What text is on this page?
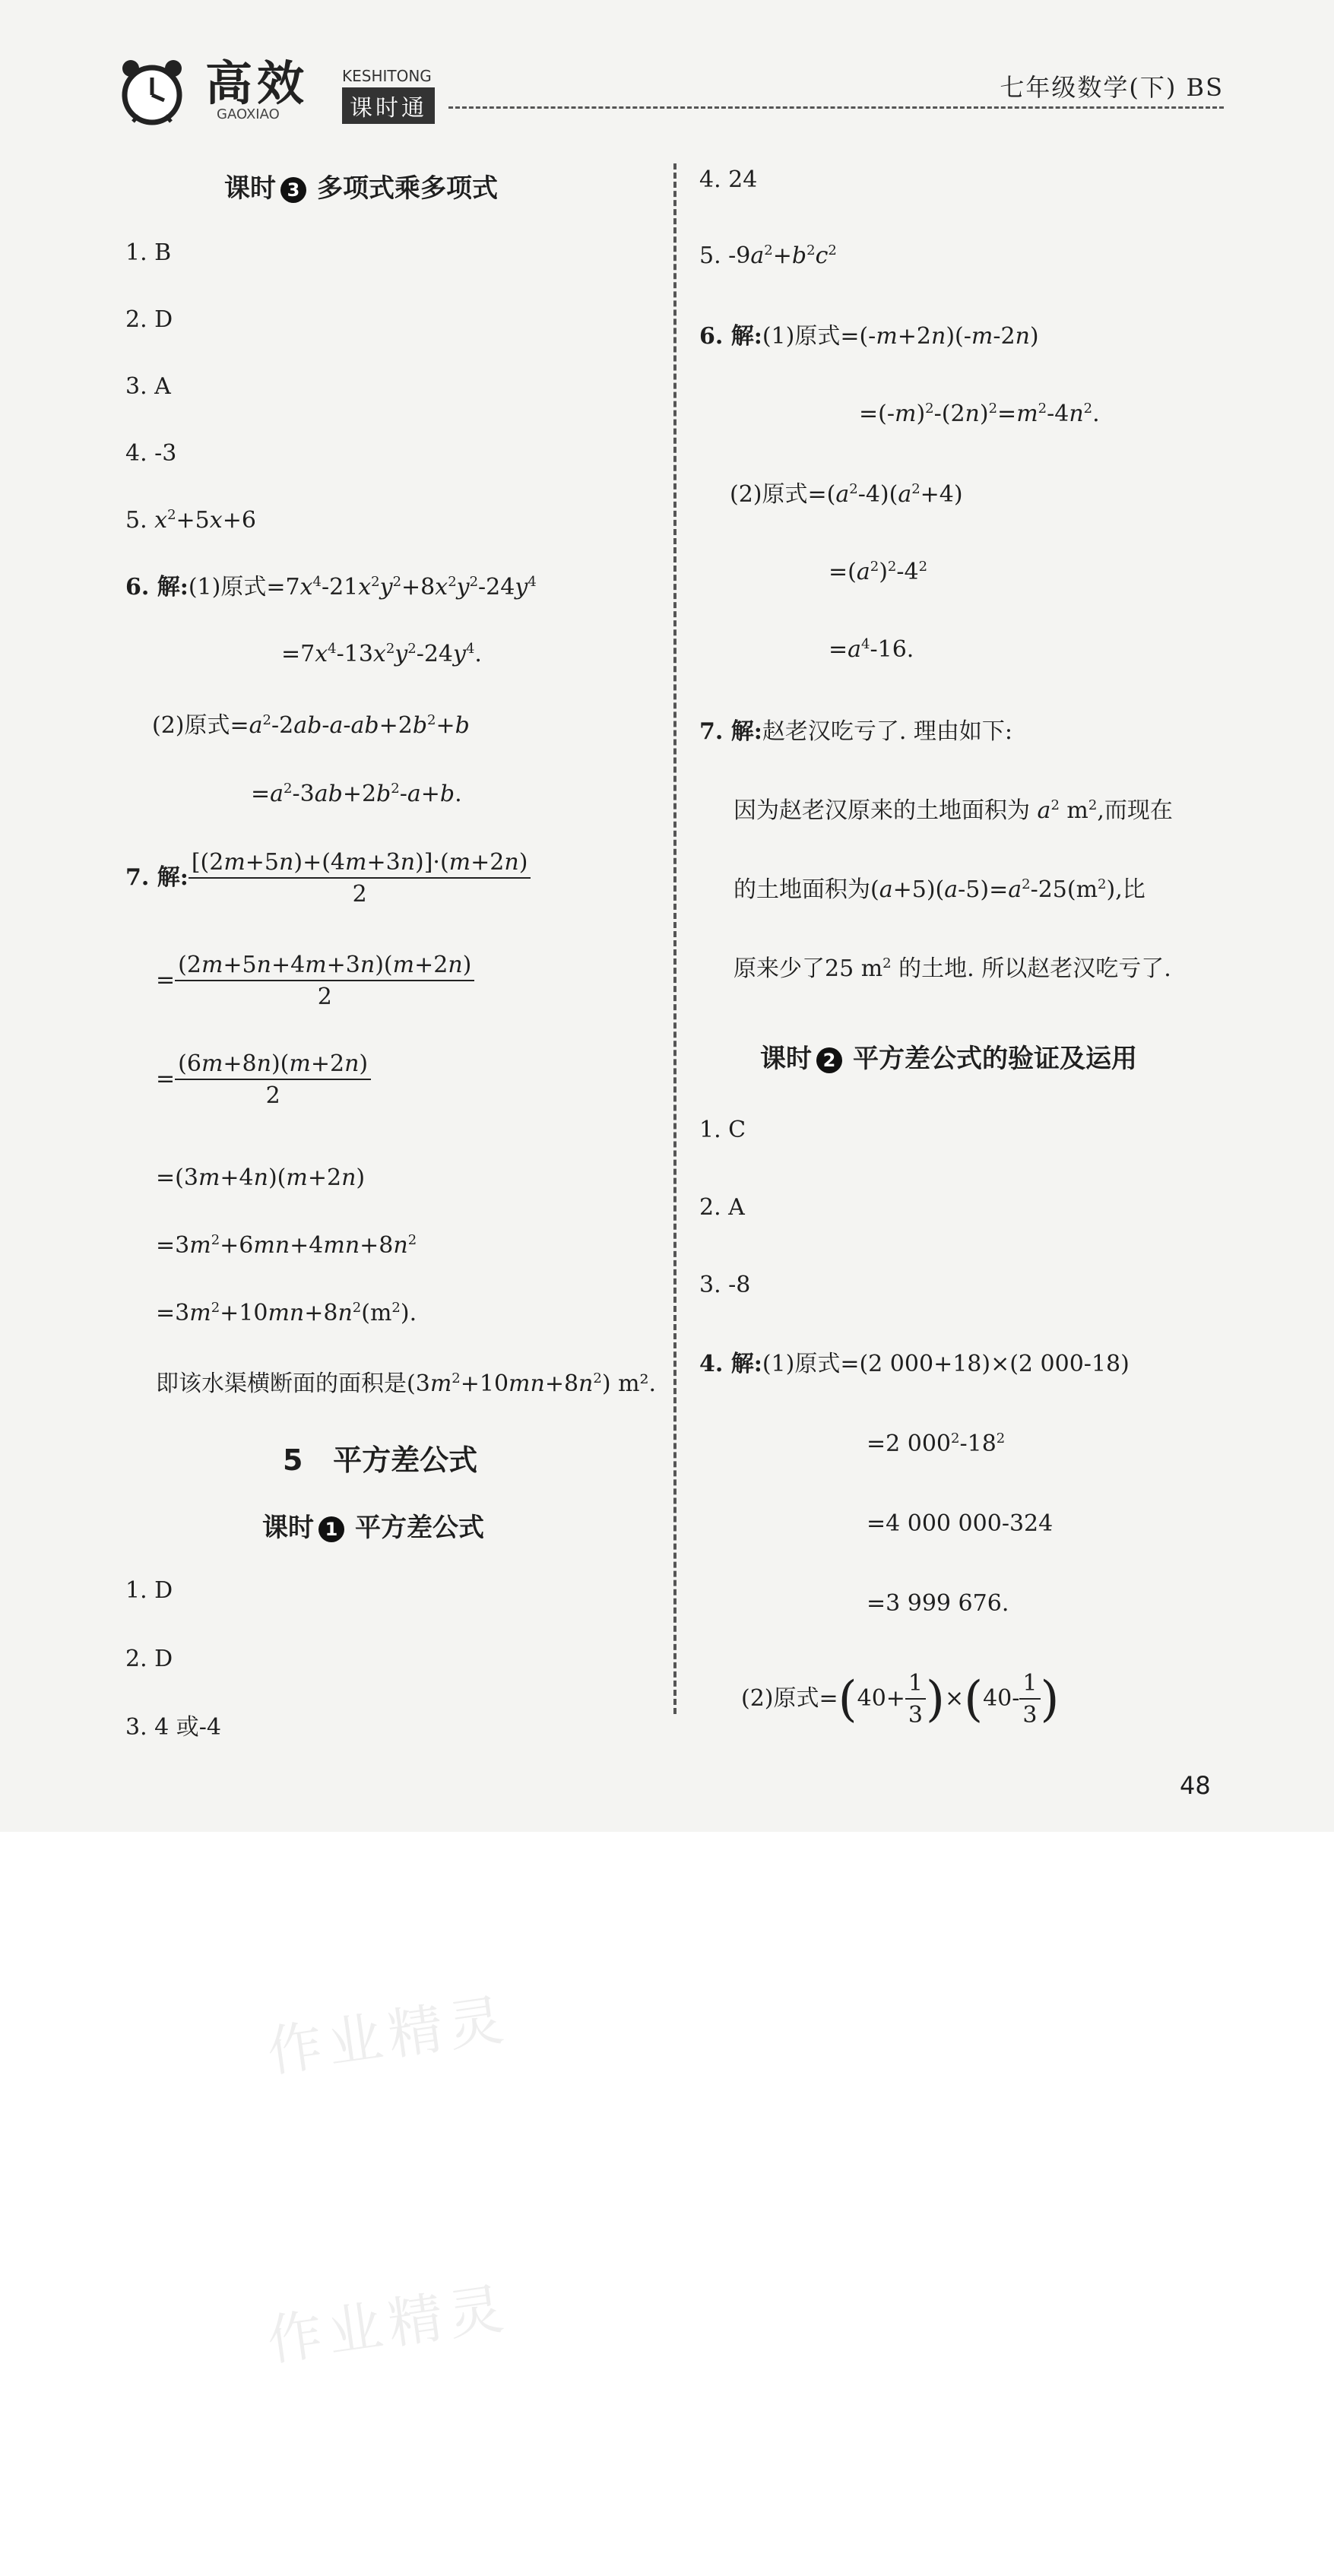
高效 KESHITONG
GAOXIAO	课时通
七年级数学(下) BS
课时 3 多项式乘多项式
1. B
2. D
3. A
4. -3
5. $x^2+5x+6$
6. 解:(1)原式$=7x^4-21x^2y^2+8x^2y^2-24y^4$
$=7x^4-13x^2y^2-24y^4$.
(2)原式$=a^2-2ab-a-ab+2b^2+b$
$=a^2-3ab+2b^2-a+b$.
7. 解: $\frac{[(2m+5n)+(4m+3n)]\cdot(m+2n)}{2}$
= $\frac{(2m+5n+4m+3n)(m+2n)}{2}$
= $\frac{(6m+8n)(m+2n)}{2}$
=(3m+4n)(m+2n)
$=3m^2+6mn+4mn+8n^2$
$=3m^2+10mn+8n^2(m^2)$.
即该水渠横断面的面积是$(3m^2+10mn+8n^2)$ m².
5 平方差公式
课时 1 平方差公式
1. D
2. D
3. 4 或-4
4. 24
5. $-9a^2+b^2c^2$
6. 解:(1)原式=(-m+2n)(-m-2n)
$=(-m)^2-(2n)^2=m^2-4n^2$.
(2)原式$=(a^2-4)(a^2+4)$
$=(a^2)^2-4^2$
$=a^4-16$.
7. 解:赵老汉吃亏了. 理由如下:
因为赵老汉原来的土地面积为 $a^2$ $m^2$,而现在
的土地面积为$(a+5)(a-5)=a^2-25(m^2)$,比
原来少了25 $m^2$ 的土地. 所以赵老汉吃亏了.
课时 2 平方差公式的验证及运用
1. C
2. A
3. -8
4. 解:(1)原式=(2 000+18)×(2 000-18)
=2 $000^2-18^2$
=4 000 000-324
=3 999 676.
(2)原式$=(40+ \frac{1}{3} )\times(40- \frac{1}{3}$ )
48
作业精灵
作业精灵
